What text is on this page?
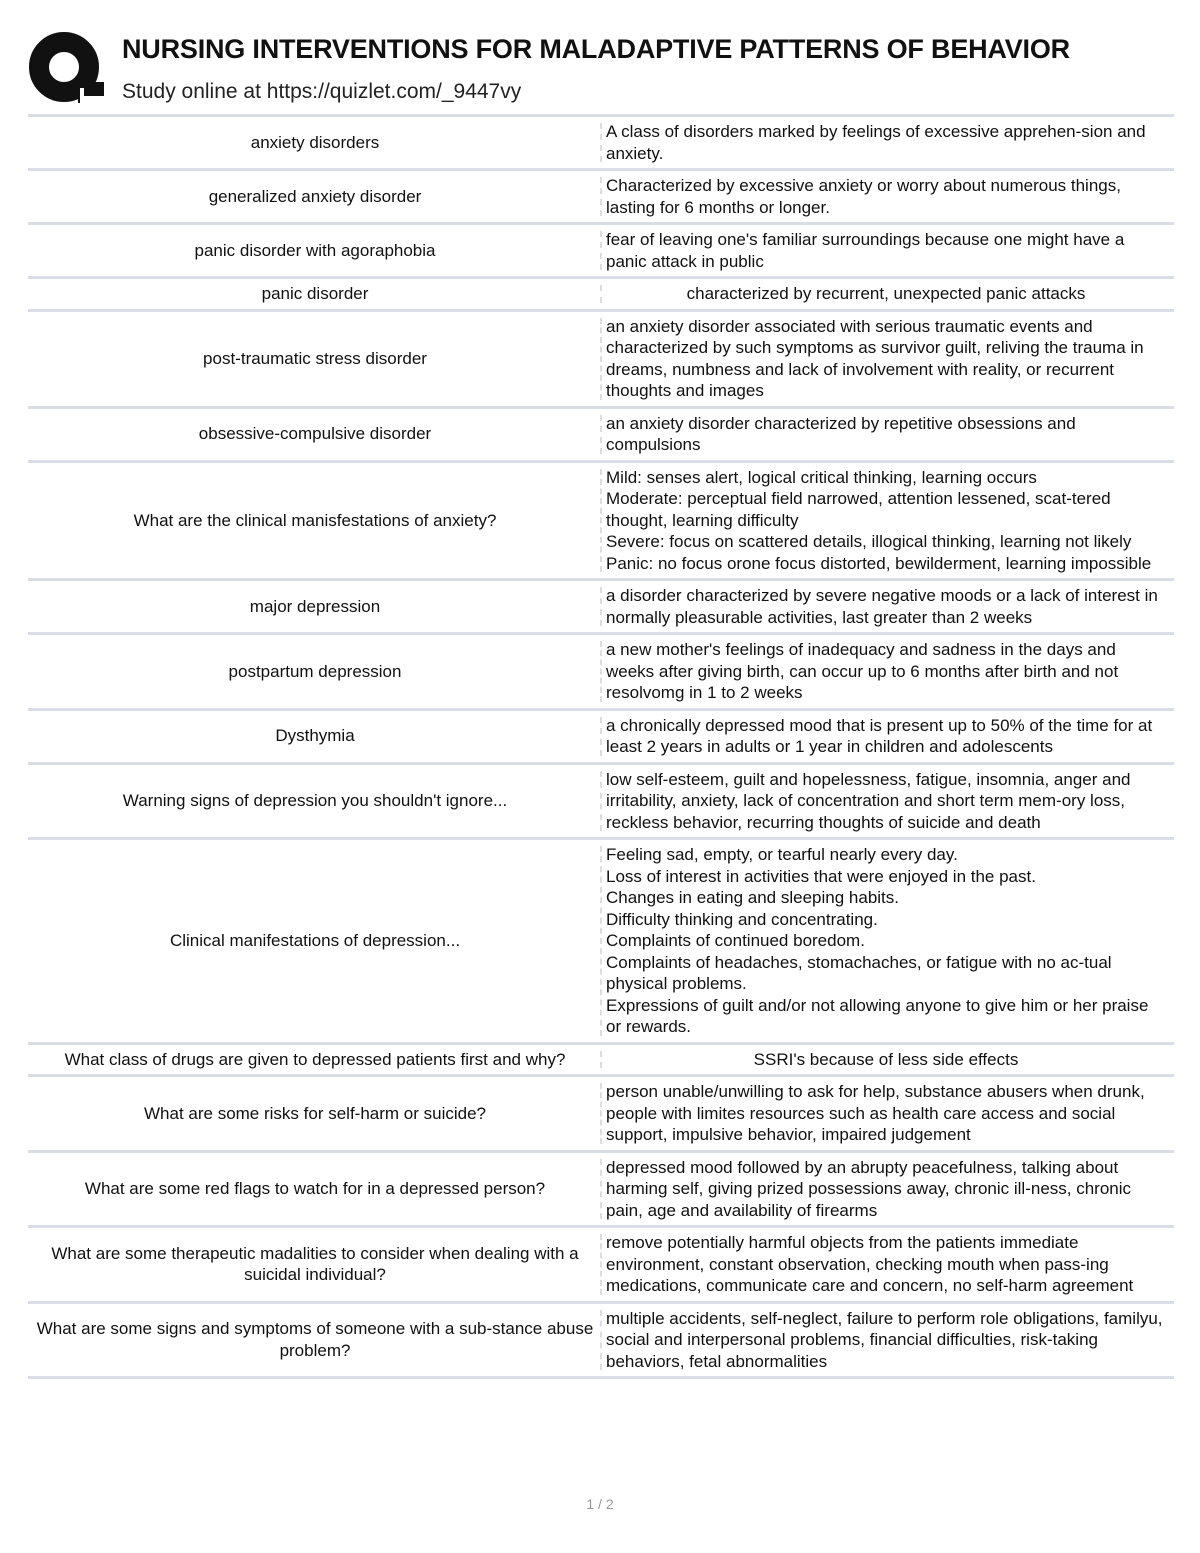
NURSING INTERVENTIONS FOR MALADAPTIVE PATTERNS OF BEHAVIOR
Study online at https://quizlet.com/_9447vy
anxiety disorders
A class of disorders marked by feelings of excessive apprehen-sion and anxiety.
generalized anxiety disorder
Characterized by excessive anxiety or worry about numerous things, lasting for 6 months or longer.
panic disorder with agoraphobia
fear of leaving one's familiar surroundings because one might have a panic attack in public
panic disorder	characterized by recurrent, unexpected panic attacks
post-traumatic stress disorder
an anxiety disorder associated with serious traumatic events and characterized by such symptoms as survivor guilt, reliving the trauma in dreams, numbness and lack of involvement with reality, or recurrent thoughts and images
obsessive-compulsive disorder
an anxiety disorder characterized by repetitive obsessions and compulsions
What are the clinical manisfestations of anxiety?
Mild: senses alert, logical critical thinking, learning occurs
Moderate: perceptual field narrowed, attention lessened, scat-tered thought, learning difficulty
Severe: focus on scattered details, illogical thinking, learning not likely
Panic: no focus orone focus distorted, bewilderment, learning impossible
major depression
a disorder characterized by severe negative moods or a lack of interest in normally pleasurable activities, last greater than 2 weeks
postpartum depression
a new mother's feelings of inadequacy and sadness in the days and weeks after giving birth, can occur up to 6 months after birth and not resolvomg in 1 to 2 weeks
Dysthymia
a chronically depressed mood that is present up to 50% of the time for at least 2 years in adults or 1 year in children and adolescents
Warning signs of depression you shouldn't ignore...
low self-esteem, guilt and hopelessness, fatigue, insomnia, anger and irritability, anxiety, lack of concentration and short term mem-ory loss, reckless behavior, recurring thoughts of suicide and death
Clinical manifestations of depression...
Feeling sad, empty, or tearful nearly every day.
Loss of interest in activities that were enjoyed in the past.
Changes in eating and sleeping habits.
Difficulty thinking and concentrating.
Complaints of continued boredom.
Complaints of headaches, stomachaches, or fatigue with no ac-tual physical problems.
Expressions of guilt and/or not allowing anyone to give him or her praise or rewards.
What class of drugs are given to depressed patients first and why?	SSRI's because of less side effects
What are some risks for self-harm or suicide?
person unable/unwilling to ask for help, substance abusers when drunk, people with limites resources such as health care access and social support, impulsive behavior, impaired judgement
What are some red flags to watch for in a depressed person?
depressed mood followed by an abrupty peacefulness, talking about harming self, giving prized possessions away, chronic ill-ness, chronic pain, age and availability of firearms
What are some therapeutic madalities to consider when dealing with a suicidal individual?
remove potentially harmful objects from the patients immediate environment, constant observation, checking mouth when pass-ing medications, communicate care and concern, no self-harm agreement
What are some signs and symptoms of someone with a sub-stance abuse problem?
multiple accidents, self-neglect, failure to perform role obligations, familyu, social and interpersonal problems, financial difficulties, risk-taking behaviors, fetal abnormalities
1 / 2
